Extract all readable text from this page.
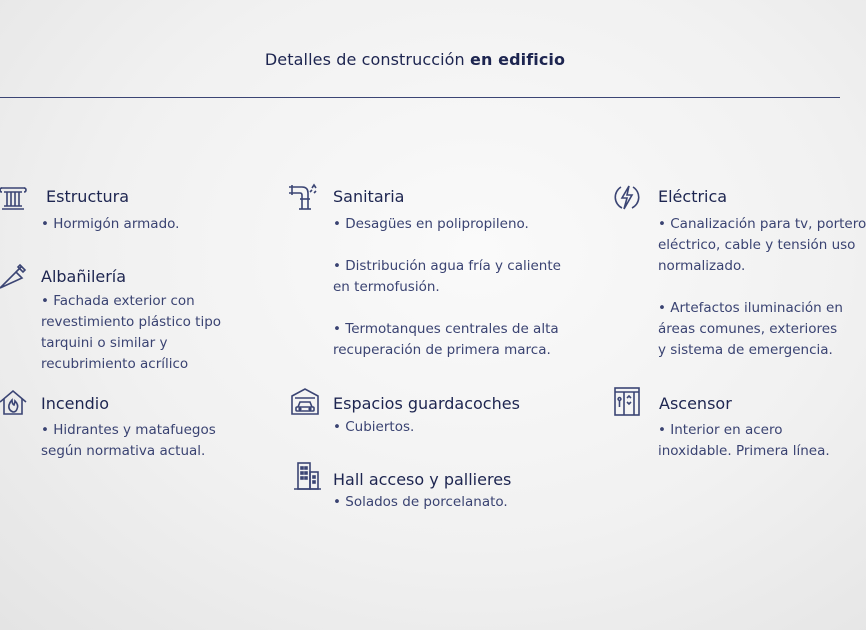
Detalles de construcción en edificio
Estructura

• Hormigón armado.

Albañilería

• Fachada exterior con

revestimiento plástico tipo

tarquini o similar y

recubrimiento acrílico

Incendio

• Hidrantes y matafuegos

según normativa actual.

Sanitaria

• Desagües en polipropileno.

• Distribución agua fría y caliente

en termofusión.

• Termotanques centrales de alta

recuperación de primera marca.

Espacios guardacoches

• Cubiertos.

Hall acceso y pallieres

• Solados de porcelanato.

Eléctrica

• Canalización para tv, portero

eléctrico, cable y tensión uso

normalizado.

• Artefactos iluminación en

áreas comunes, exteriores

y sistema de emergencia.

Ascensor

• Interior en acero

inoxidable. Primera línea.
